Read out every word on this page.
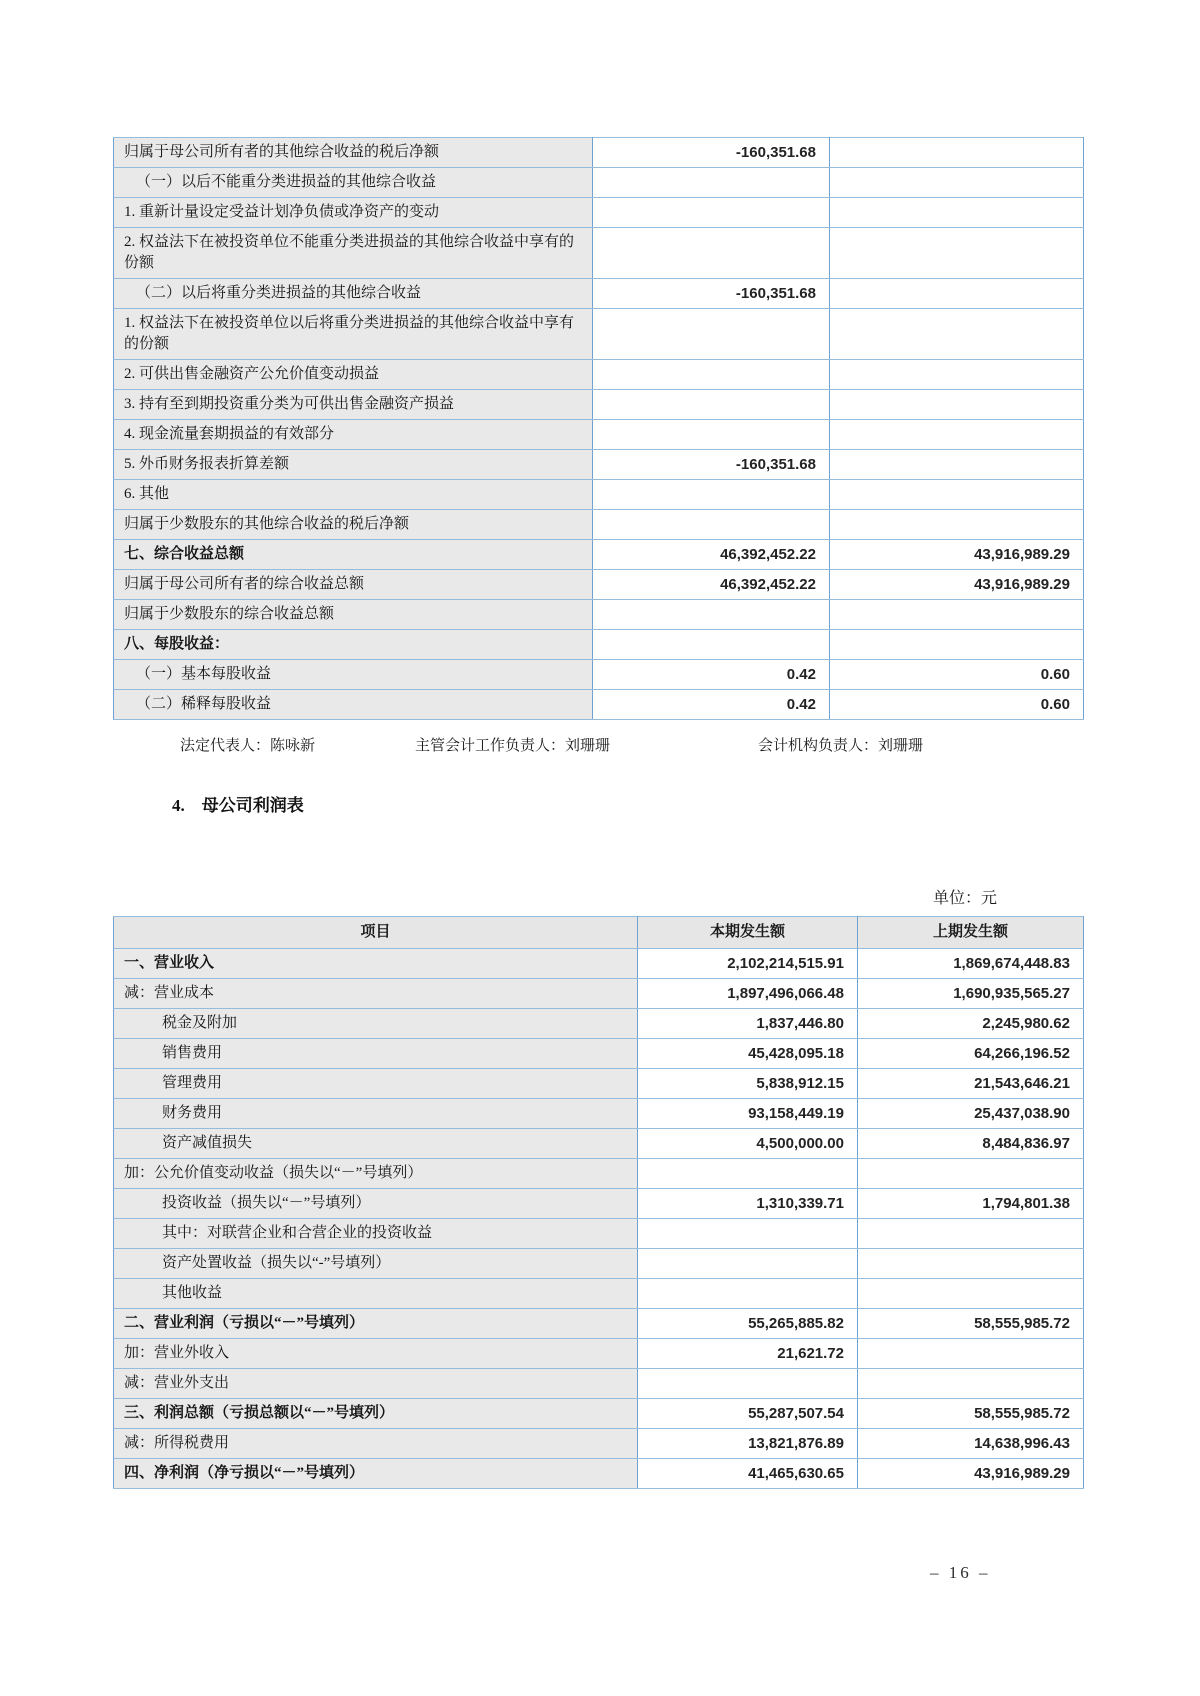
归属于母公司所有者的其他综合收益的税后净额	-160,351.68	
（一）以后不能重分类进损益的其他综合收益		
1. 重新计量设定受益计划净负债或净资产的变动		
2. 权益法下在被投资单位不能重分类进损益的其他综合收益中享有的份额		
（二）以后将重分类进损益的其他综合收益	-160,351.68	
1. 权益法下在被投资单位以后将重分类进损益的其他综合收益中享有的份额		
2. 可供出售金融资产公允价值变动损益		
3. 持有至到期投资重分类为可供出售金融资产损益		
4. 现金流量套期损益的有效部分		
5. 外币财务报表折算差额	-160,351.68	
6. 其他		
归属于少数股东的其他综合收益的税后净额		
七、综合收益总额	46,392,452.22	43,916,989.29
归属于母公司所有者的综合收益总额	46,392,452.22	43,916,989.29
归属于少数股东的综合收益总额		
八、每股收益：		
（一）基本每股收益	0.42	0.60
（二）稀释每股收益	0.42	0.60
法定代表人：陈咏新	主管会计工作负责人：刘珊珊	会计机构负责人：刘珊珊
4.　母公司利润表
单位：元
项目	本期发生额	上期发生额
一、营业收入	2,102,214,515.91	1,869,674,448.83
减：营业成本	1,897,496,066.48	1,690,935,565.27
税金及附加	1,837,446.80	2,245,980.62
销售费用	45,428,095.18	64,266,196.52
管理费用	5,838,912.15	21,543,646.21
财务费用	93,158,449.19	25,437,038.90
资产减值损失	4,500,000.00	8,484,836.97
加：公允价值变动收益（损失以“－”号填列）		
投资收益（损失以“－”号填列）	1,310,339.71	1,794,801.38
其中：对联营企业和合营企业的投资收益		
资产处置收益（损失以“-”号填列）		
其他收益		
二、营业利润（亏损以“－”号填列）	55,265,885.82	58,555,985.72
加：营业外收入	21,621.72	
减：营业外支出		
三、利润总额（亏损总额以“－”号填列）	55,287,507.54	58,555,985.72
减：所得税费用	13,821,876.89	14,638,996.43
四、净利润（净亏损以“－”号填列）	41,465,630.65	43,916,989.29
– 16 –
